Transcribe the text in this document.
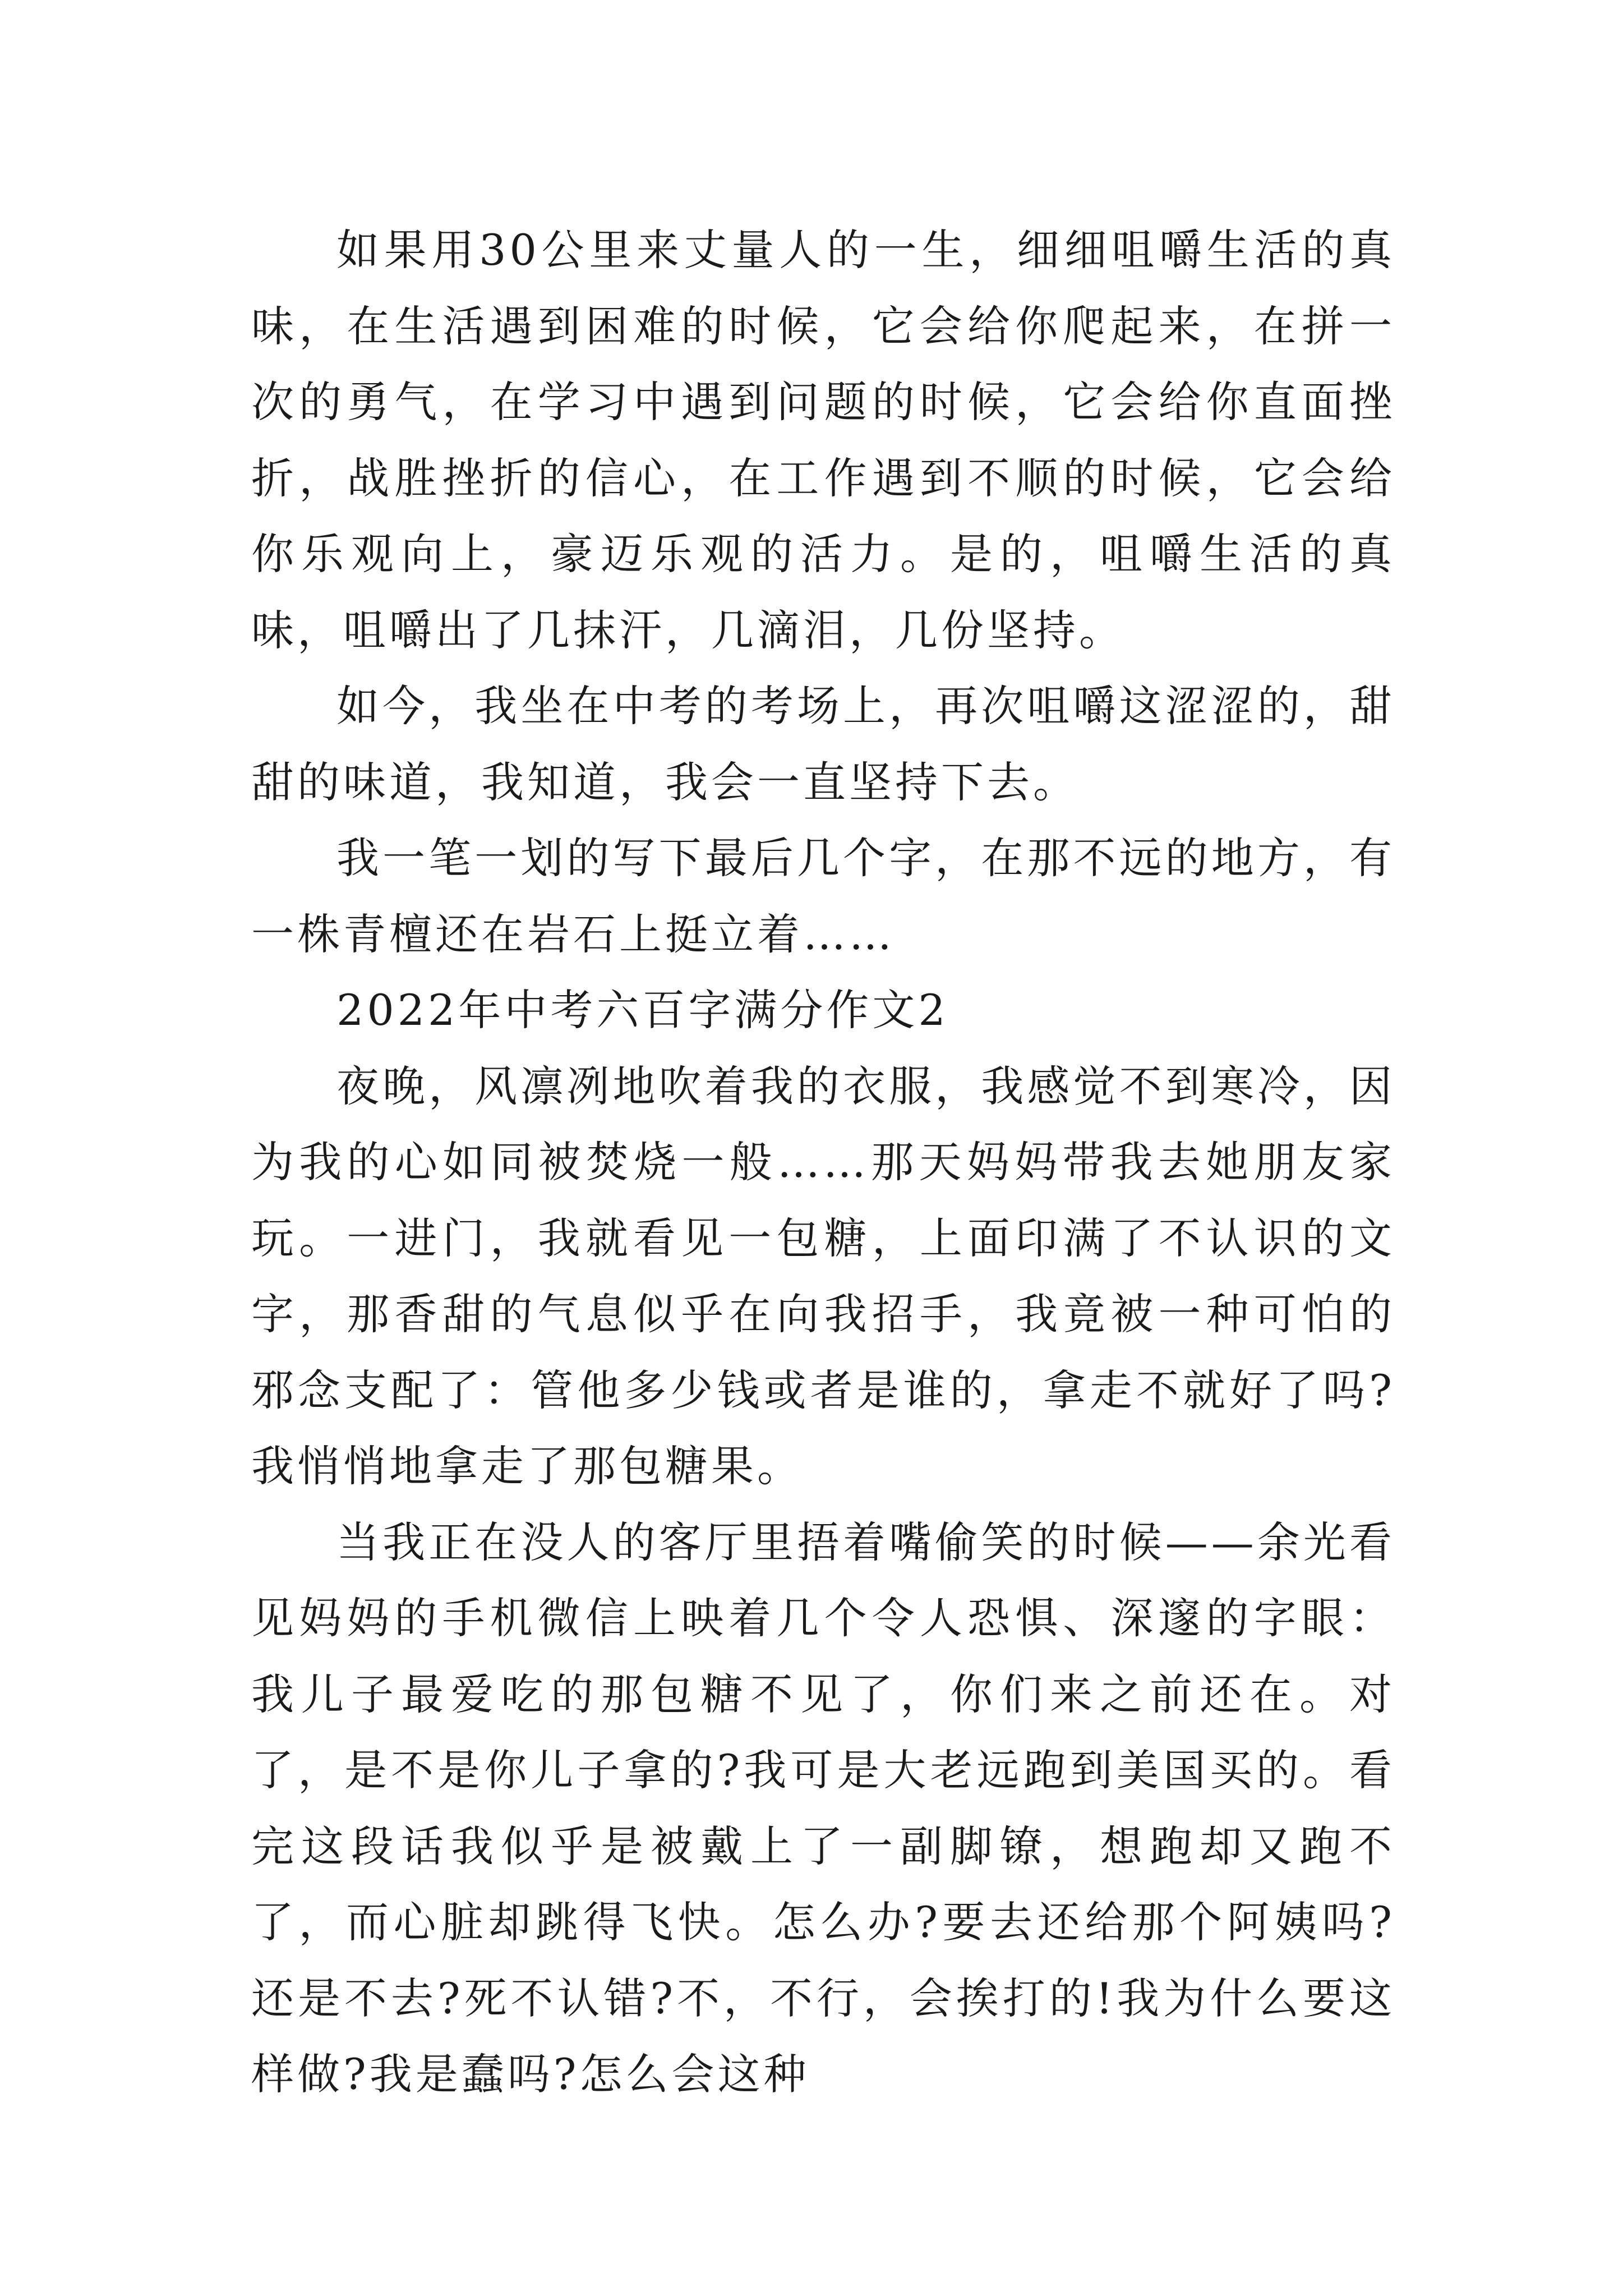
如果用30公里来丈量人的一生，细细咀嚼生活的真味，在生活遇到困难的时候，它会给你爬起来，在拼一次的勇气，在学习中遇到问题的时候，它会给你直面挫折，战胜挫折的信心，在工作遇到不顺的时候，它会给你乐观向上，豪迈乐观的活力。是的，咀嚼生活的真味，咀嚼出了几抹汗，几滴泪，几份坚持。

如今，我坐在中考的考场上，再次咀嚼这涩涩的，甜甜的味道，我知道，我会一直坚持下去。

我一笔一划的写下最后几个字，在那不远的地方，有一株青檀还在岩石上挺立着……

2022年中考六百字满分作文2

夜晚，风凛冽地吹着我的衣服，我感觉不到寒冷，因为我的心如同被焚烧一般……那天妈妈带我去她朋友家玩。一进门，我就看见一包糖，上面印满了不认识的文字，那香甜的气息似乎在向我招手，我竟被一种可怕的邪念支配了：管他多少钱或者是谁的，拿走不就好了吗?我悄悄地拿走了那包糖果。

当我正在没人的客厅里捂着嘴偷笑的时候——余光看见妈妈的手机微信上映着几个令人恐惧、深邃的字眼：我儿子最爱吃的那包糖不见了，你们来之前还在。对了，是不是你儿子拿的?我可是大老远跑到美国买的。看完这段话我似乎是被戴上了一副脚镣，想跑却又跑不了，而心脏却跳得飞快。怎么办?要去还给那个阿姨吗?还是不去?死不认错?不，不行，会挨打的!我为什么要这样做?我是蠢吗?怎么会这种
